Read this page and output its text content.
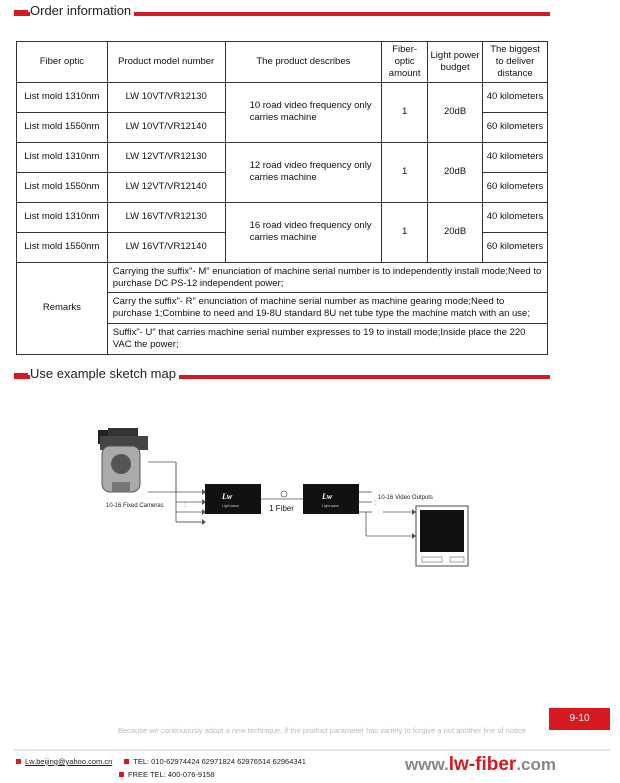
Order information
Fiber optic	Product model number	The product describes	Fiber-optic amount	Light power budget	The biggest to deliver distance
List mold 1310nm	LW 10VT/VR12130	10 road video frequency only carries machine	1	20dB	40 kilometers
List mold 1550nm	LW 10VT/VR12140				60 kilometers
List mold 1310nm	LW 12VT/VR12130	12 road video frequency only carries machine	1	20dB	40 kilometers
List mold 1550nm	LW 12VT/VR12140				60 kilometers
List mold 1310nm	LW 16VT/VR12130	16 road video frequency only carries machine	1	20dB	40 kilometers
List mold 1550nm	LW 16VT/VR12140				60 kilometers
Remarks	Carrying the suffix"- M" enunciation of machine serial number is to independently install mode;Need to purchase DC PS-12 independent power;				
	Carry the suffix"- R" enunciation of machine serial number as machine gearing mode;Need to purchase 1;Combine to need and 19-8U standard 8U net tube type the machine match with an use;				
	Suffix"- U" that carries machine serial number expresses to 19 to install mode;Inside place the 220 VAC the power;				
Use example sketch map
10-16 Fixed Cameras	⋮
Lw
Light-wave	1 Fiber
Lw
Light-wave
10-16 Video Outputs
⋮
9-10
Because we continuously adopt a new technique, if the product parameter has variety to forgive a not another line of notice
Lw.beijing@yahoo.com.cn	TEL: 010-62974424 62971824 62976514 62964341
FREE TEL: 400-076-9158
www.lw-fiber.com
